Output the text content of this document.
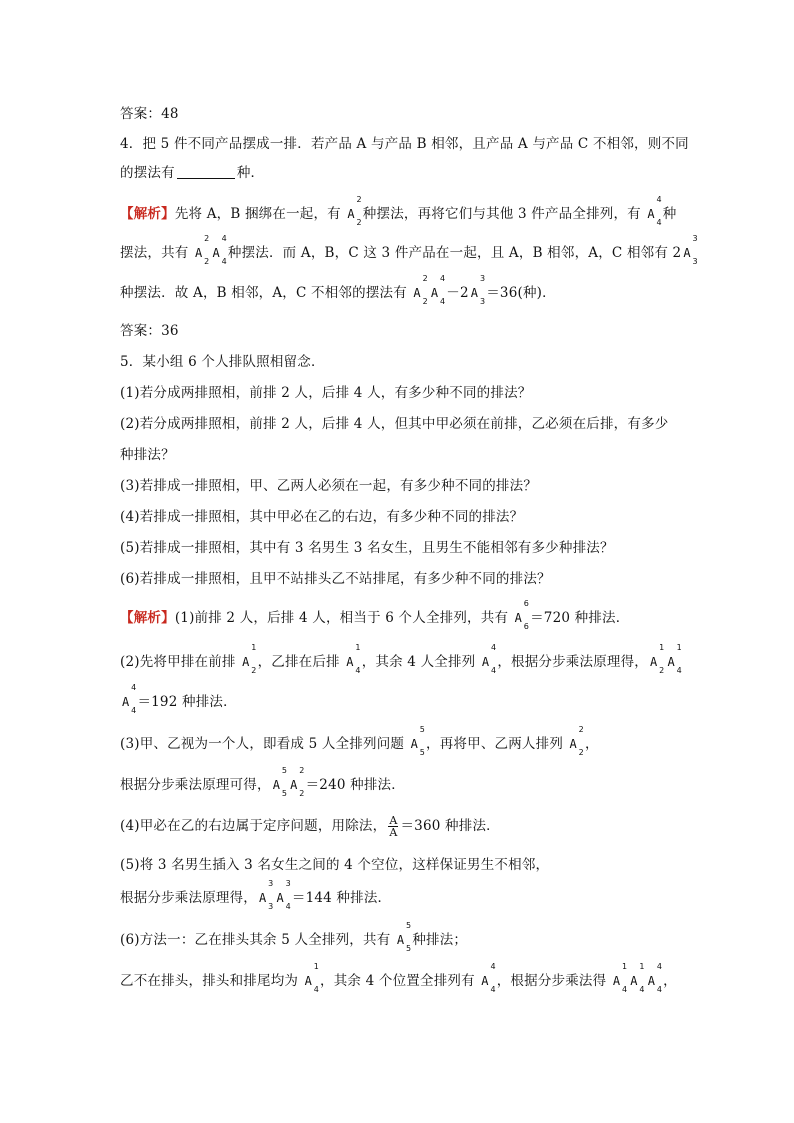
答案：48
4．把 5 件不同产品摆成一排．若产品 A 与产品 B 相邻，且产品 A 与产品 C 不相邻，则不同
的摆法有	种．
【解析】先将 A，B 捆绑在一起，有 A
2
2
种摆法，再将它们与其他 3 件产品全排列，有 A
4
4
种
摆法，共有 A
2
2
A
4
4
种摆法．而 A，B，C 这 3 件产品在一起，且 A，B 相邻，A，C 相邻有 2 A
3
3
种摆法．故 A，B 相邻，A，C 不相邻的摆法有 A
2
2
A
4
4
－2 A
3
3
＝36(种)．
答案：36
5．某小组 6 个人排队照相留念．
(1)若分成两排照相，前排 2 人，后排 4 人，有多少种不同的排法？
(2)若分成两排照相，前排 2 人，后排 4 人，但其中甲必须在前排，乙必须在后排，有多少
种排法？
(3)若排成一排照相，甲、乙两人必须在一起，有多少种不同的排法？
(4)若排成一排照相，其中甲必在乙的右边，有多少种不同的排法？
(5)若排成一排照相，其中有 3 名男生 3 名女生，且男生不能相邻有多少种排法？
(6)若排成一排照相，且甲不站排头乙不站排尾，有多少种不同的排法？
【解析】(1)前排 2 人，后排 4 人，相当于 6 个人全排列，共有 A
6
6
＝720 种排法．
(2)先将甲排在前排 A
1
2
，乙排在后排 A
1
4
，其余 4 人全排列 A
4
4
，根据分步乘法原理得， A
1
2
A
1
4
A
4
4
＝192 种排法．
(3)甲、乙视为一个人，即看成 5 人全排列问题 A
5
5
，再将甲、乙两人排列 A
2
2
，
根据分步乘法原理可得， A
5
5
A
2
2
＝240 种排法．
(4)甲必在乙的右边属于定序问题，用除法， $\frac{A}{A} =360$ 种排法．
(5)将 3 名男生插入 3 名女生之间的 4 个空位，这样保证男生不相邻，
根据分步乘法原理得， A
3
3
A
3
4
＝144 种排法．
(6)方法一：乙在排头其余 5 人全排列，共有 A
5
5
种排法；
乙不在排头，排头和排尾均为 A
1
4
，其余 4 个位置全排列有 A
4
4
，根据分步乘法得 A
1
4
A
1
4
A
4
4
，
